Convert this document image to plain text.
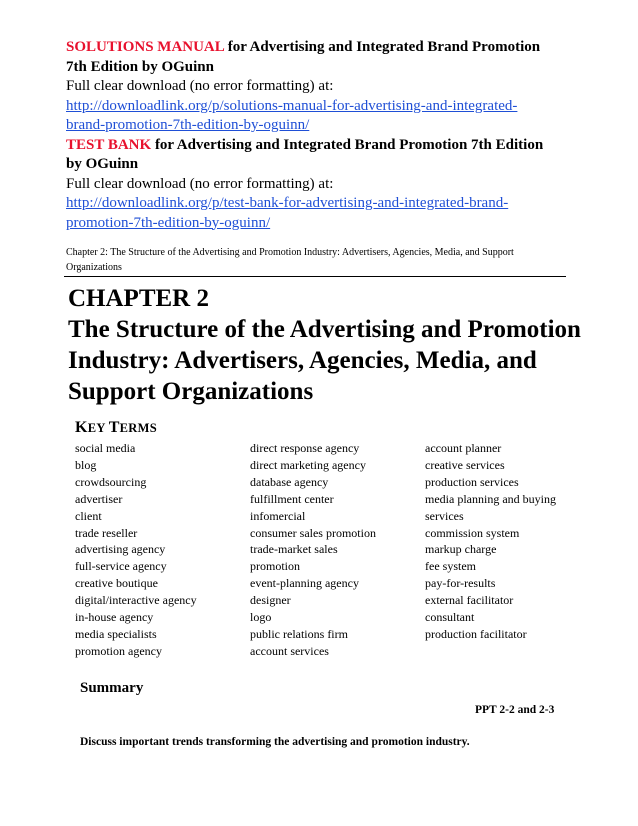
SOLUTIONS MANUAL for Advertising and Integrated Brand Promotion
7th Edition by OGuinn
Full clear download (no error formatting) at:
http://downloadlink.org/p/solutions-manual-for-advertising-and-integrated-
brand-promotion-7th-edition-by-oguinn/
TEST BANK for Advertising and Integrated Brand Promotion 7th Edition
by OGuinn
Full clear download (no error formatting) at:
http://downloadlink.org/p/test-bank-for-advertising-and-integrated-brand-
promotion-7th-edition-by-oguinn/
Chapter 2: The Structure of the Advertising and Promotion Industry: Advertisers, Agencies, Media, and Support
Organizations
CHAPTER 2
The Structure of the Advertising and Promotion
Industry: Advertisers, Agencies, Media, and
Support Organizations
KEY TERMS
social media
blog
crowdsourcing
advertiser
client
trade reseller
advertising agency
full-service agency
creative boutique
digital/interactive agency
in-house agency
media specialists
promotion agency
direct response agency
direct marketing agency
database agency
fulfillment center
infomercial
consumer sales promotion
trade-market sales
promotion
event-planning agency
designer
logo
public relations firm
account services
account planner
creative services
production services
media planning and buying
services
commission system
markup charge
fee system
pay-for-results
external facilitator
consultant
production facilitator
Summary
PPT 2-2 and 2-3
Discuss important trends transforming the advertising and promotion industry.
